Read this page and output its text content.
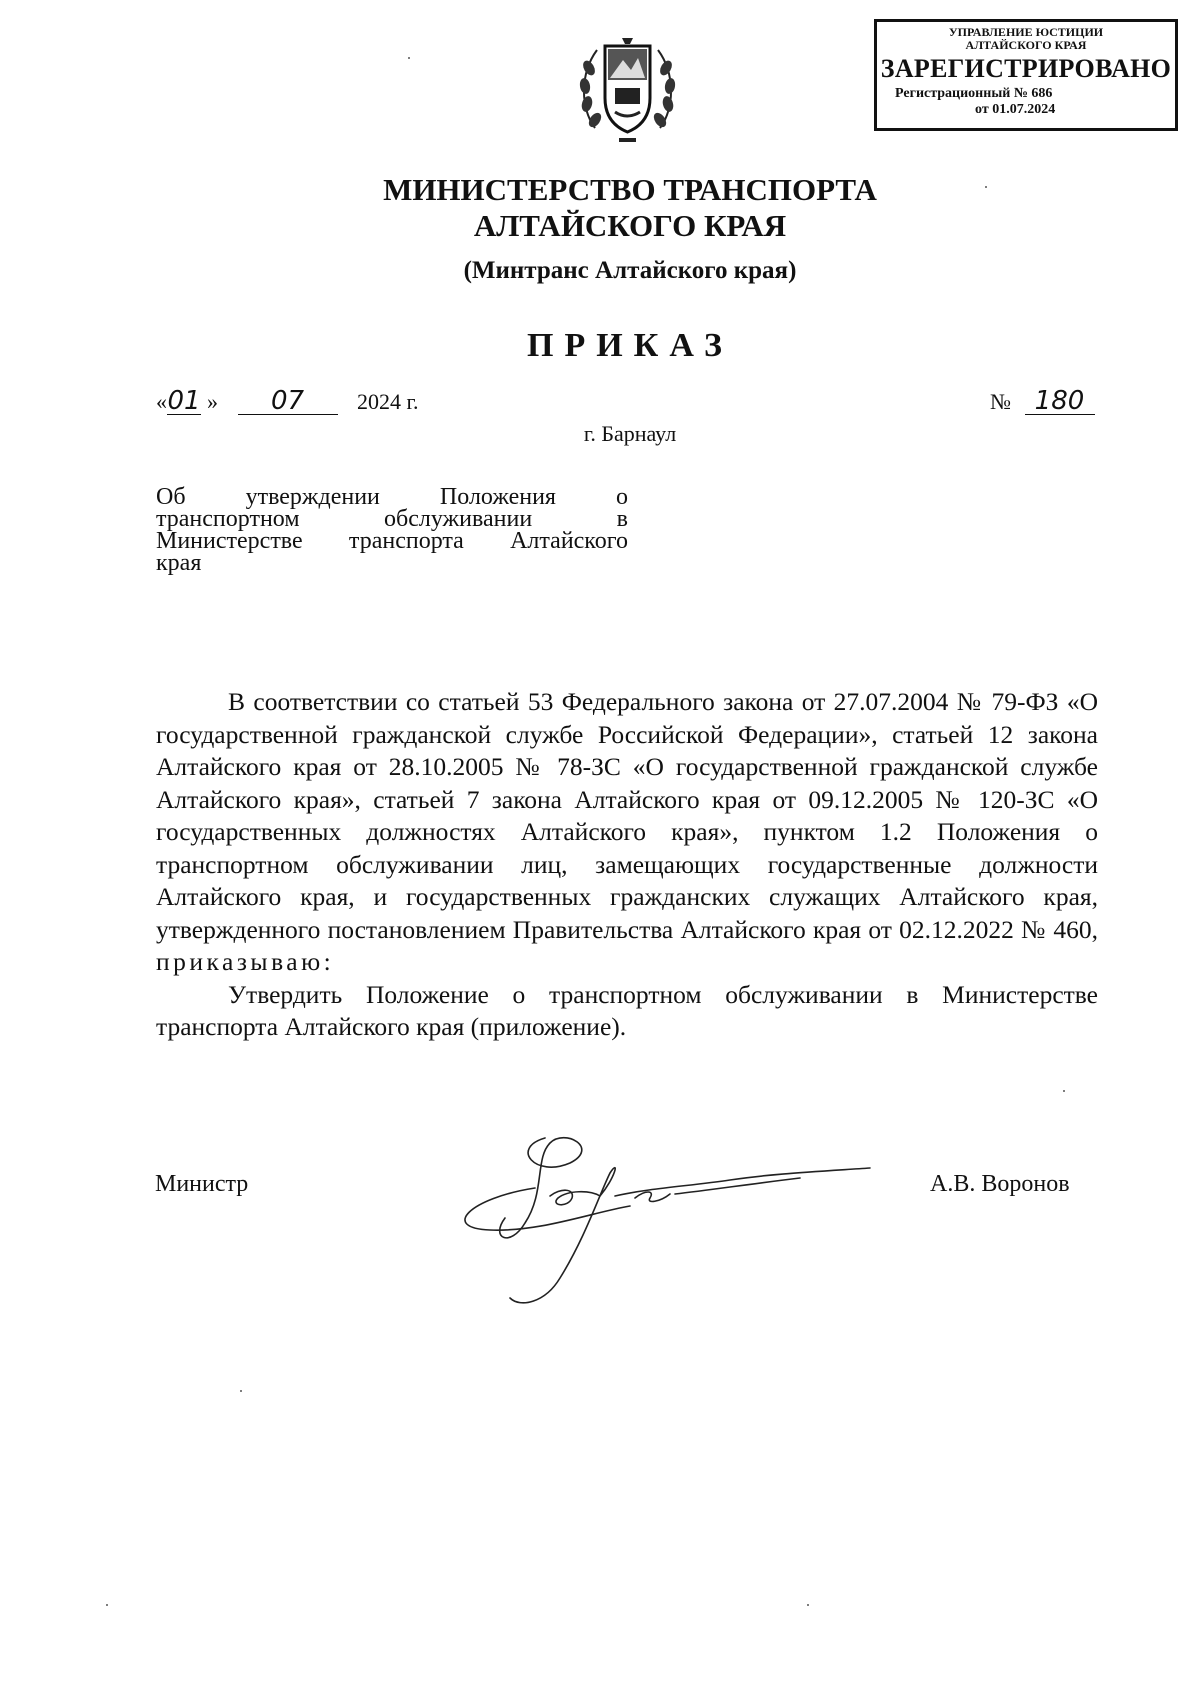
УПРАВЛЕНИЕ ЮСТИЦИИ
АЛТАЙСКОГО КРАЯ
ЗАРЕГИСТРИРОВАНО
Регистрационный № 686
от 01.07.2024
МИНИСТЕРСТВО ТРАНСПОРТА
АЛТАЙСКОГО КРАЯ
(Минтранс Алтайского края)
ПРИКАЗ
«01 » 07 2024 г.	№ 180
г. Барнаул
Об	утверждении	Положения	о
транспортном	обслуживании	в
Министерстве транспорта Алтайского
края

В соответствии со статьей 53 Федерального закона от 27.07.2004 № 79-ФЗ «О государственной гражданской службе Российской Федерации», статьей 12 закона Алтайского края от 28.10.2005 № 78-ЗС «О государственной гражданской службе Алтайского края», статьей 7 закона Алтайского края от 09.12.2005 № 120-ЗС «О государственных должностях Алтайского края», пунктом 1.2 Положения о транспортном обслуживании лиц, замещающих государственные должности Алтайского края, и государственных гражданских служащих Алтайского края, утвержденного постановлением Правительства Алтайского края от 02.12.2022 № 460, приказываю:

Утвердить Положение о транспортном обслуживании в Министерстве транспорта Алтайского края (приложение).

Министр	А.В. Воронов
